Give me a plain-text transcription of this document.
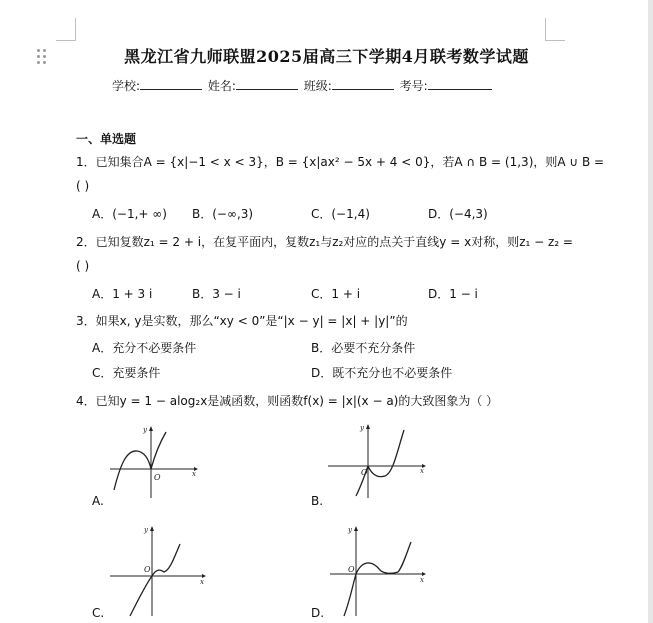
黑龙江省九师联盟2025届高三下学期4月联考数学试题
学校:	姓名:	班级:	考号:
一、单选题
1．已知集合A = {x|−1 < x < 3}，B = {x|ax² − 5x + 4 < 0}，若A ∩ B = (1,3)，则A ∪ B =
( )
A．(−1,+ ∞) B．(−∞,3)	C．(−1,4)	D．(−4,3)
2．已知复数z₁ = 2 + i，在复平面内，复数z₁与z₂对应的点关于直线y = x对称，则z₁ − z₂ =
( )
A．1 + 3 i	B．3 − i	C．1 + i	D．1 − i
3．如果x, y是实数，那么“xy < 0”是“|x − y| = |x| + |y|”的
A．充分不必要条件	B．必要不充分条件
C．充要条件	D．既不充分也不必要条件
4．已知y = 1 − alog₂x是减函数，则函数f(x) = |x|(x − a)的大致图象为（ ）
O	x
y
A.
O	x
y
B.
O
x
y
C.
O
x
y
D.
